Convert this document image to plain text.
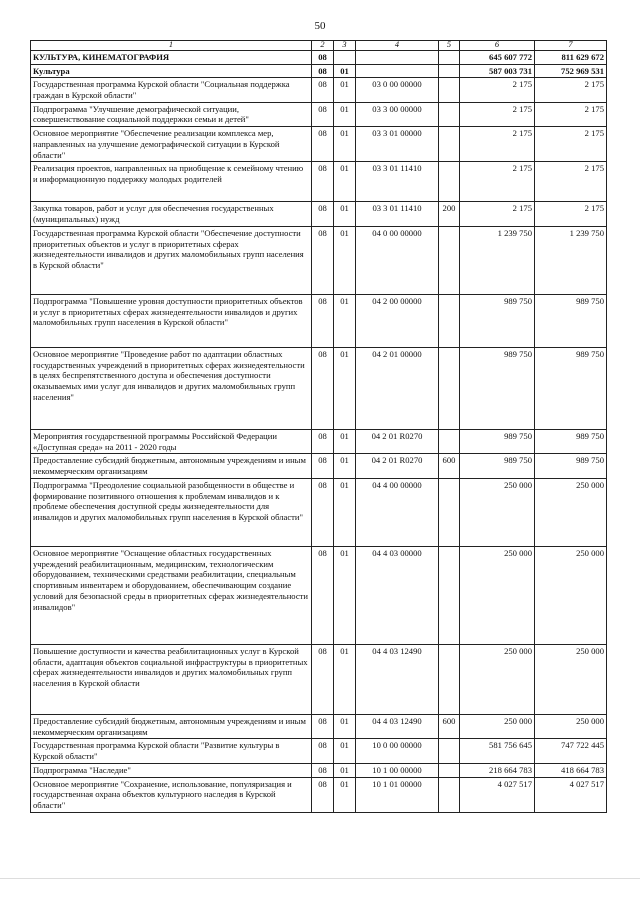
50
1	2	3	4	5	6	7
КУЛЬТУРА, КИНЕМАТОГРАФИЯ	08				645 607 772	811 629 672
Культура	08	01			587 003 731	752 969 531
Государственная программа Курской области "Социальная поддержка граждан в Курской области"	08	01	03 0 00 00000		2 175	2 175
Подпрограмма "Улучшение демографической ситуации, совершенствование социальной поддержки семьи и детей"	08	01	03 3 00 00000		2 175	2 175
Основное мероприятие "Обеспечение реализации комплекса мер, направленных на улучшение демографической ситуации в Курской области"	08	01	03 3 01 00000		2 175	2 175
Реализация проектов, направленных на приобщение к семейному чтению и информационную поддержку молодых родителей	08	01	03 3 01 11410		2 175	2 175
Закупка товаров, работ и услуг для обеспечения государственных (муниципальных) нужд	08	01	03 3 01 11410	200	2 175	2 175
Государственная программа Курской области "Обеспечение доступности приоритетных объектов и услуг в приоритетных сферах жизнедеятельности инвалидов и других маломобильных групп населения в Курской области"	08	01	04 0 00 00000		1 239 750	1 239 750
Подпрограмма "Повышение уровня доступности приоритетных объектов и услуг в приоритетных сферах жизнедеятельности инвалидов и других маломобильных групп населения в Курской области"	08	01	04 2 00 00000		989 750	989 750
Основное мероприятие "Проведение работ по адаптации областных государственных учреждений в приоритетных сферах жизнедеятельности в целях беспрепятственного доступа и обеспечения доступности оказываемых ими услуг для инвалидов и других маломобильных групп населения"	08	01	04 2 01 00000		989 750	989 750
Мероприятия государственной программы Российской Федерации «Доступная среда» на 2011 - 2020 годы	08	01	04 2 01 R0270		989 750	989 750
Предоставление субсидий бюджетным, автономным учреждениям и иным некоммерческим организациям	08	01	04 2 01 R0270	600	989 750	989 750
Подпрограмма "Преодоление социальной разобщенности в обществе и формирование позитивного отношения к проблемам инвалидов и к проблеме обеспечения доступной среды жизнедеятельности для инвалидов и других маломобильных групп населения в Курской области"	08	01	04 4 00 00000		250 000	250 000
Основное мероприятие "Оснащение областных государственных учреждений реабилитационным, медицинским, технологическим оборудованием, техническими средствами реабилитации, специальным спортивным инвентарем и оборудованием, обеспечивающим создание условий для безопасной среды в приоритетных сферах жизнедеятельности инвалидов"	08	01	04 4 03 00000		250 000	250 000
Повышение доступности и качества реабилитационных услуг в Курской области, адаптация объектов социальной инфраструктуры в приоритетных сферах жизнедеятельности инвалидов и других маломобильных групп населения в Курской области	08	01	04 4 03 12490		250 000	250 000
Предоставление субсидий бюджетным, автономным учреждениям и иным некоммерческим организациям	08	01	04 4 03 12490	600	250 000	250 000
Государственная программа Курской области "Развитие культуры в Курской области"	08	01	10 0 00 00000		581 756 645	747 722 445
Подпрограмма "Наследие"	08	01	10 1 00 00000		218 664 783	418 664 783
Основное мероприятие "Сохранение, использование, популяризация и государственная охрана объектов культурного наследия в Курской области"	08	01	10 1 01 00000		4 027 517	4 027 517
